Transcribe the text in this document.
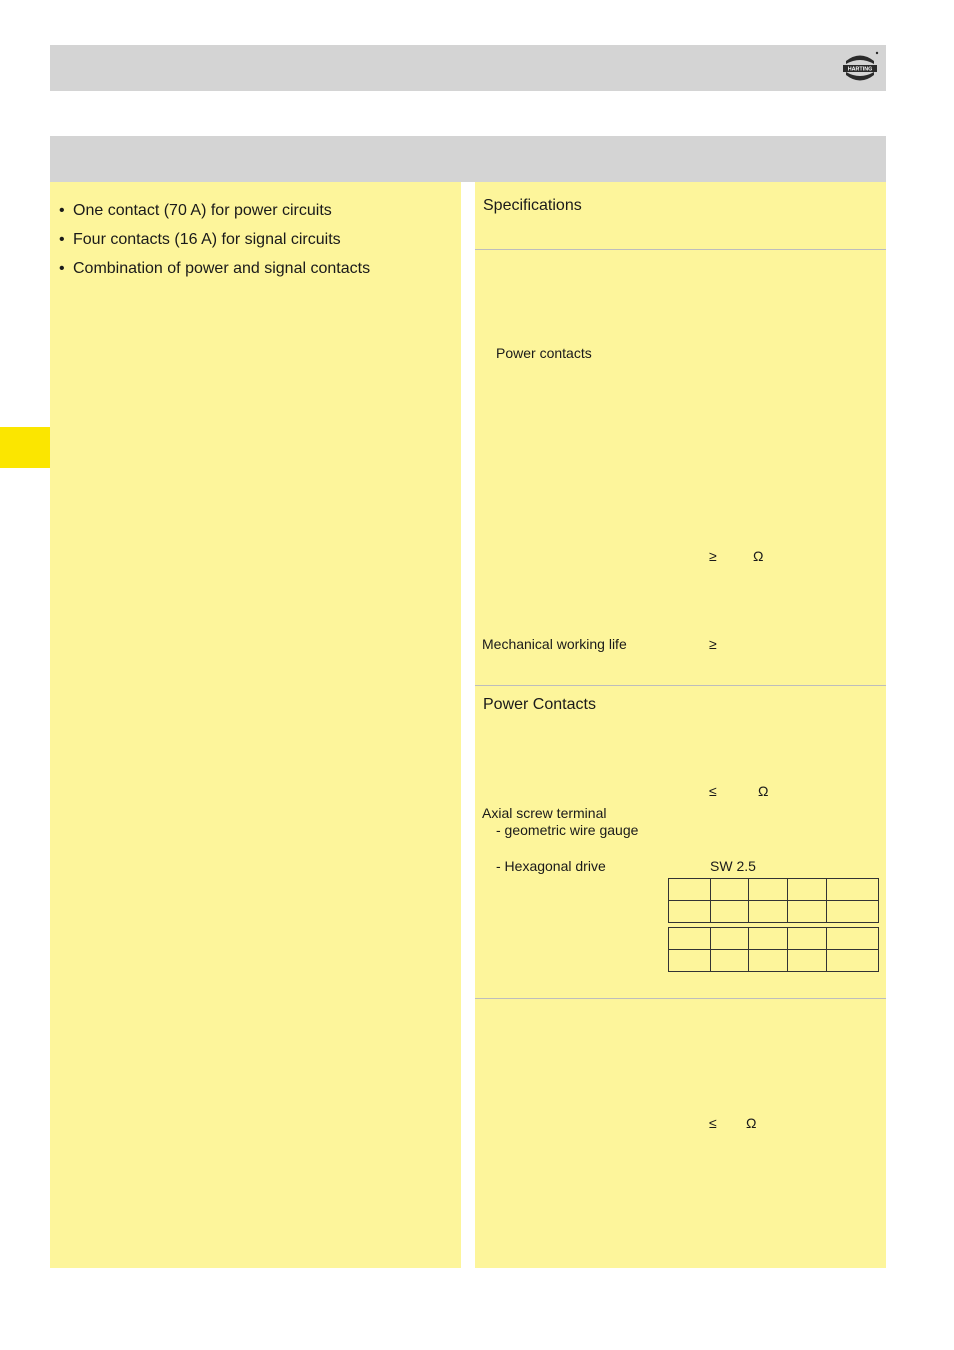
HARTING
• One contact (70 A) for power circuits
• Four contacts (16 A) for signal circuits
• Combination of power and signal contacts
Specifications
Power contacts
≥	Ω
Mechanical working life	≥
Power Contacts
≤	Ω
Axial screw terminal
- geometric wire gauge
- Hexagonal drive	SW 2.5

≤ Ω
